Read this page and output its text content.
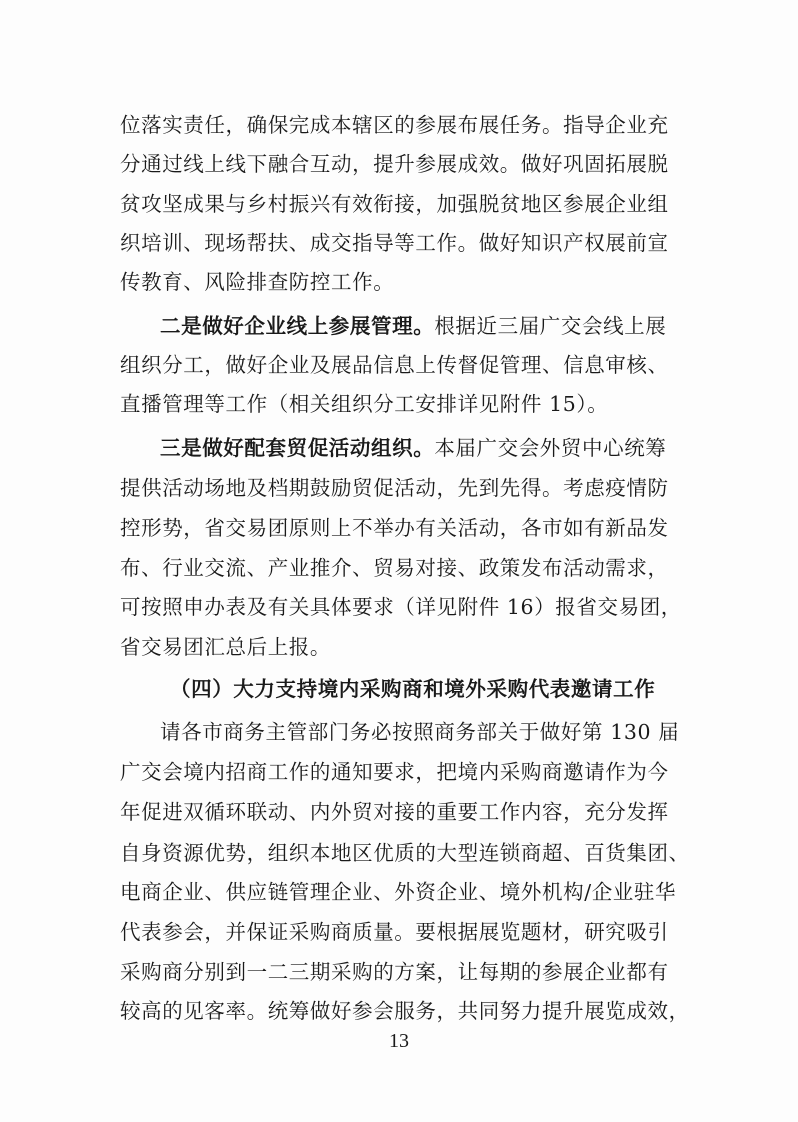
位落实责任，确保完成本辖区的参展布展任务。指导企业充
分通过线上线下融合互动，提升参展成效。做好巩固拓展脱
贫攻坚成果与乡村振兴有效衔接，加强脱贫地区参展企业组
织培训、现场帮扶、成交指导等工作。做好知识产权展前宣
传教育、风险排查防控工作。
二是做好企业线上参展管理。根据近三届广交会线上展
组织分工，做好企业及展品信息上传督促管理、信息审核、
直播管理等工作（相关组织分工安排详见附件 15）。
三是做好配套贸促活动组织。本届广交会外贸中心统筹
提供活动场地及档期鼓励贸促活动，先到先得。考虑疫情防
控形势，省交易团原则上不举办有关活动，各市如有新品发
布、行业交流、产业推介、贸易对接、政策发布活动需求，
可按照申办表及有关具体要求（详见附件 16）报省交易团，
省交易团汇总后上报。
（四）大力支持境内采购商和境外采购代表邀请工作
请各市商务主管部门务必按照商务部关于做好第 130 届
广交会境内招商工作的通知要求，把境内采购商邀请作为今
年促进双循环联动、内外贸对接的重要工作内容，充分发挥
自身资源优势，组织本地区优质的大型连锁商超、百货集团、
电商企业、供应链管理企业、外资企业、境外机构/企业驻华
代表参会，并保证采购商质量。要根据展览题材，研究吸引
采购商分别到一二三期采购的方案，让每期的参展企业都有
较高的见客率。统筹做好参会服务，共同努力提升展览成效，
13
